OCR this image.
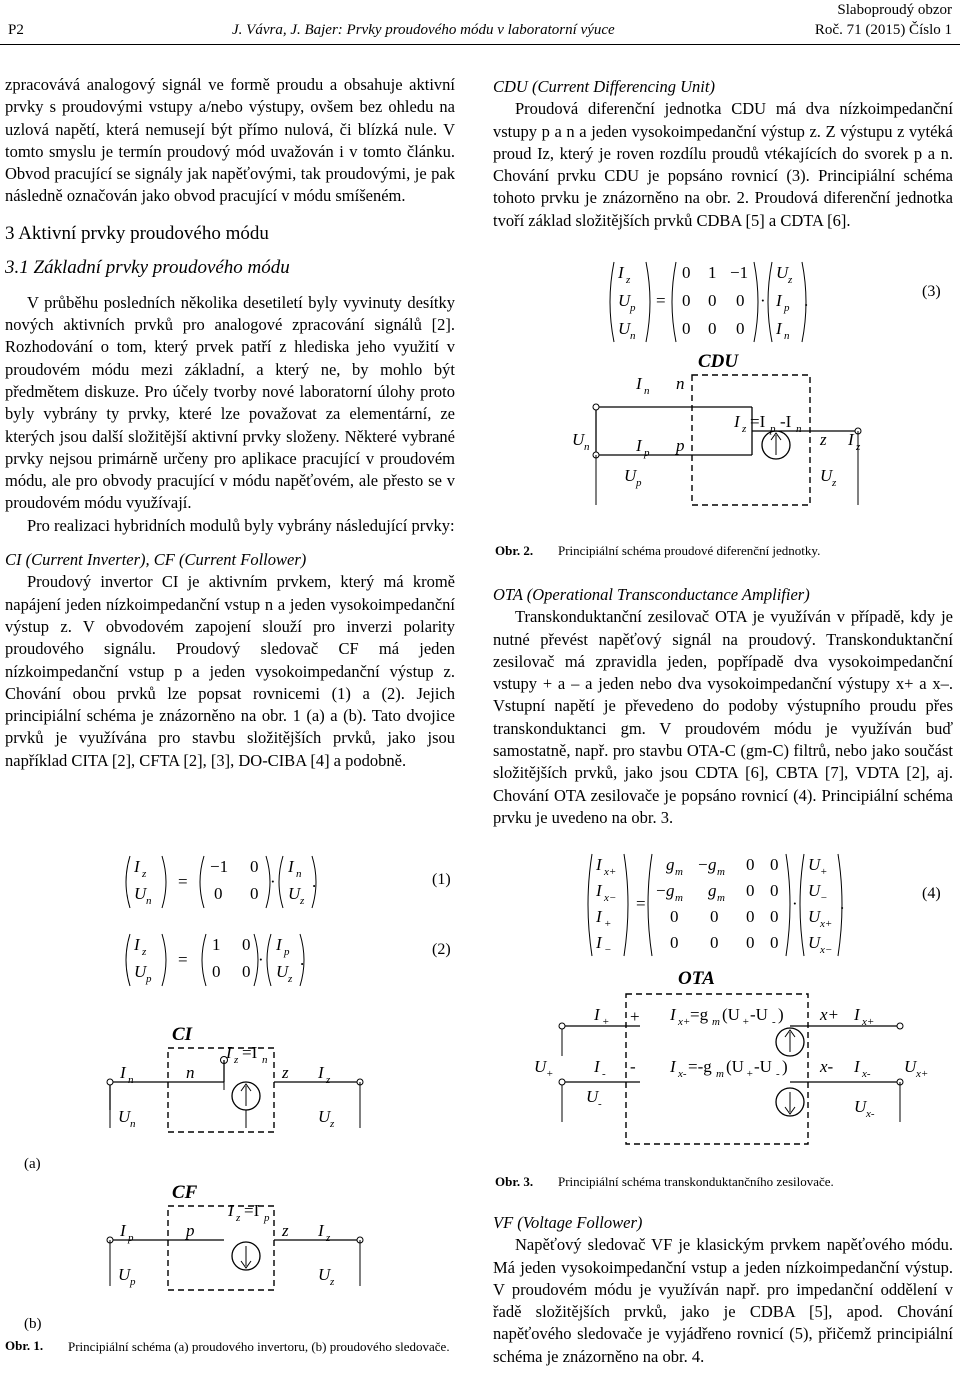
P2	J. Vávra, J. Bajer: Prvky proudového módu v laboratorní výuce
Slaboproudý obzor
Roč. 71 (2015) Číslo 1

zpracovává analogový signál ve formě proudu a obsahuje aktivní prvky s proudovými vstupy a/nebo výstupy, ovšem bez ohledu na uzlová napětí, která nemusejí být přímo nulová, či blízká nule. V tomto smyslu je termín proudový mód uvažován i v tomto článku. Obvod pracující se signály jak napěťovými, tak proudovými, je pak následně označován jako obvod pracující v módu smíšeném.

3 Aktivní prvky proudového módu
3.1 Základní prvky proudového módu

V průběhu posledních několika desetiletí byly vyvinuty desítky nových aktivních prvků pro analogové zpracování signálů [2]. Rozhodování o tom, který prvek patří z hlediska jeho využití v proudovém módu mezi základní, a který ne, by mohlo být předmětem diskuze. Pro účely tvorby nové laboratorní úlohy proto byly vybrány ty prvky, které lze považovat za elementární, ze kterých jsou další složitější aktivní prvky složeny. Některé vybrané prvky nejsou primárně určeny pro aplikace pracující v proudovém módu, ale pro obvody pracující v módu napěťovém, ale přesto se v proudovém módu využívají.

Pro realizaci hybridních modulů byly vybrány následující prvky:

CI (Current Inverter), CF (Current Follower)

Proudový invertor CI je aktivním prvkem, který má kromě napájení jeden nízkoimpedanční vstup n a jeden vysokoimpedanční výstup z. V obvodovém zapojení slouží pro inverzi polarity proudového signálu. Proudový sledovač CF má jeden nízkoimpedanční vstup p a jeden vysokoimpedanční výstup z. Chování obou prvků lze popsat rovnicemi (1) a (2). Jejich principiální schéma je znázorněno na obr. 1 (a) a (b). Tato dvojice prvků je využívána pro stavbu složitějších prvků, jako jsou například CITA [2], CFTA [2], [3], DO-CIBA [4] a podobně.

I z
U n
=
−1 0
0 0
·
I n
U z
.
I z
U p
=
1 0
0 0
·
I p
U z
.
(1)
(2)
(a)
(b)
CI
I n	n
I z =I n
z I z
U n	U z
CF
I p	p
I z =I p
z I z
U p	U z
Obr. 1. Principiální schéma (a) proudového invertoru, (b) proudového sledovače.
CDU (Current Differencing Unit)

Proudová diferenční jednotka CDU má dva nízkoimpedanční vstupy p a n a jeden vysokoimpedanční výstup z. Z výstupu z vytéká proud Iz, který je roven rozdílu proudů vtékajících do svorek p a n. Chování prvku CDU je popsáno rovnicí (3). Principiální schéma tohoto prvku je znázorněno na obr. 2. Proudová diferenční jednotka tvoří základ složitějších prvků CDBA [5] a CDTA [6].

I z
U p
U n
=
0 1 −1
0 0 0
0 0 0
·
U z
I p
I n
.	(3)
CDU
I n n
U n	I p p
U p
I z =I p -I n
z I z
U z
Obr. 2. Principiální schéma proudové diferenční jednotky.
OTA (Operational Transconductance Amplifier)

Transkonduktanční zesilovač OTA je využíván v případě, kdy je nutné převést napěťový signál na proudový. Transkonduktanční zesilovač má zpravidla jeden, popřípadě dva vysokoimpedanční vstupy + a – a jeden nebo dva vysokoimpedanční výstupy x+ a x–. Vstupní napětí je převedeno do podoby výstupního proudu přes transkonduktanci gm. V proudovém módu je využíván buď samostatně, např. pro stavbu OTA-C (gm-C) filtrů, nebo jako součást složitějších prvků, jako jsou CDTA [6], CBTA [7], VDTA [2], aj. Chování OTA zesilovače je popsáno rovnicí (4). Principiální schéma prvku je uvedeno na obr. 3.

I x+
I x−
I +
I −
=
g m − g m 0 0
− g m g m 0 0
0 0 0 0
0 0 0 0
·
U +
U −
U x+
U x−
.
(4)
OTA
I + + I x+ =g m (U + -U - ) x+ I x+
U + I - - I x- =-g m (U + -U - ) x- I x- U x+
U -	U x-
Obr. 3. Principiální schéma transkonduktančního zesilovače.
VF (Voltage Follower)

Napěťový sledovač VF je klasickým prvkem napěťového módu. Má jeden vysokoimpedanční vstup a jeden nízkoimpedanční výstup. V proudovém módu je využíván např. pro impedanční oddělení v řadě složitějších prvků, jako je CDBA [5], apod. Chování napěťového sledovače je vyjádřeno rovnicí (5), přičemž principiální schéma je znázorněno na obr. 4.
